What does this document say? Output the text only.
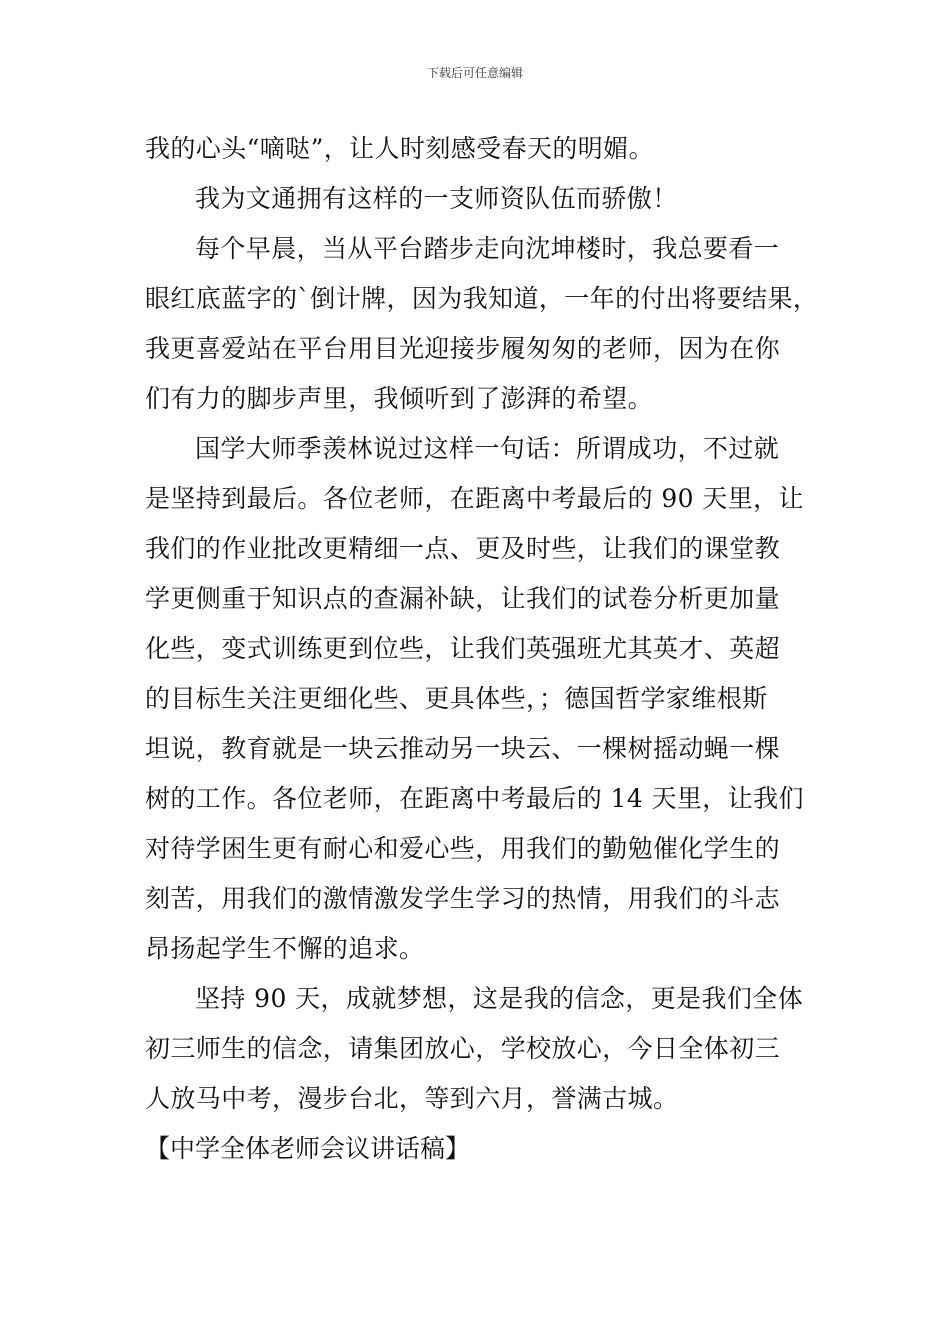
下载后可任意编辑
我的心头“嘀哒”，让人时刻感受春天的明媚。
我为文通拥有这样的一支师资队伍而骄傲！
每个早晨，当从平台踏步走向沈坤楼时，我总要看一
眼红底蓝字的`倒计牌，因为我知道，一年的付出将要结果，
我更喜爱站在平台用目光迎接步履匆匆的老师，因为在你
们有力的脚步声里，我倾听到了澎湃的希望。
国学大师季羡林说过这样一句话：所谓成功，不过就
是坚持到最后。各位老师，在距离中考最后的 90 天里，让
我们的作业批改更精细一点、更及时些，让我们的课堂教
学更侧重于知识点的查漏补缺，让我们的试卷分析更加量
化些，变式训练更到位些，让我们英强班尤其英才、英超
的目标生关注更细化些、更具体些，；德国哲学家维根斯
坦说，教育就是一块云推动另一块云、一棵树摇动蝇一棵
树的工作。各位老师，在距离中考最后的 14 天里，让我们
对待学困生更有耐心和爱心些，用我们的勤勉催化学生的
刻苦，用我们的激情激发学生学习的热情，用我们的斗志
昂扬起学生不懈的追求。
坚持 90 天，成就梦想，这是我的信念，更是我们全体
初三师生的信念，请集团放心，学校放心，今日全体初三
人放马中考，漫步台北，等到六月，誉满古城。
【中学全体老师会议讲话稿】
